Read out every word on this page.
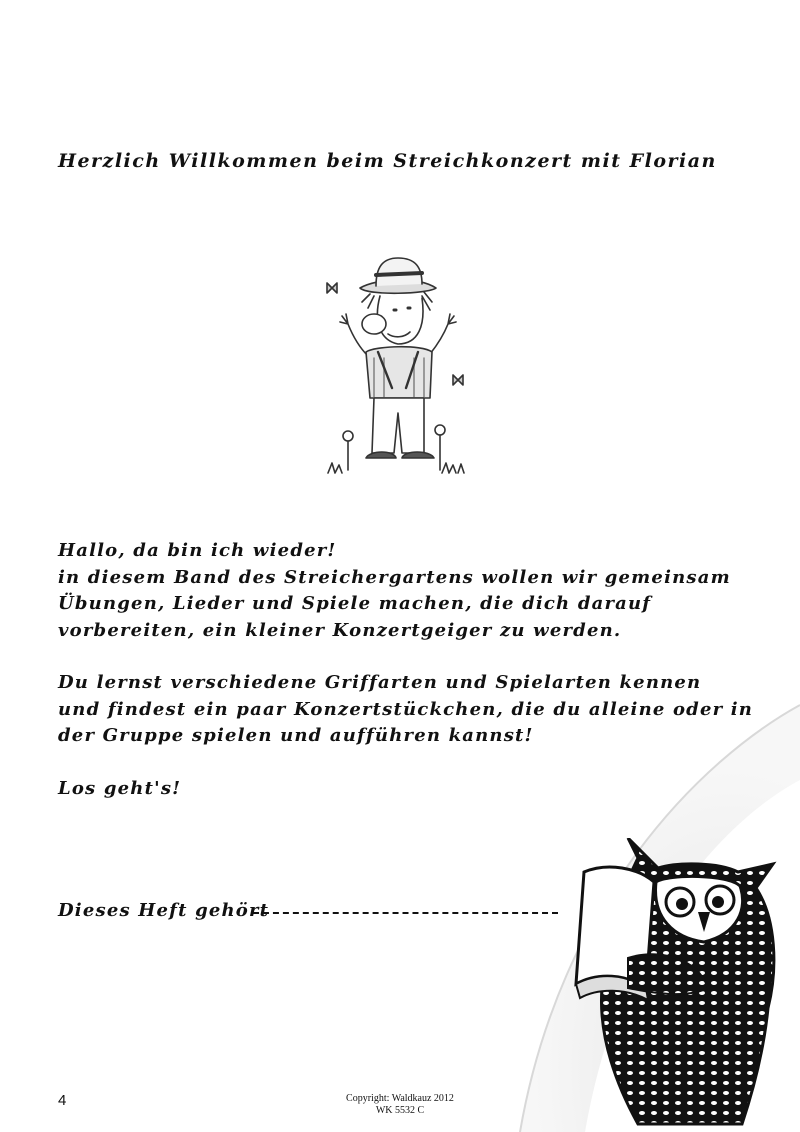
Herzlich Willkommen beim Streichkonzert mit Florian

Hallo, da bin ich wieder!
in diesem Band des Streichergartens wollen wir gemeinsam
Übungen, Lieder und Spiele machen, die dich darauf
vorbereiten, ein kleiner Konzertgeiger zu werden.

Du lernst verschiedene Griffarten und Spielarten kennen
und findest ein paar Konzertstückchen, die du alleine oder in
der Gruppe spielen und aufführen kannst!

Los geht's!

Dieses Heft gehört
4	Copyright: Waldkauz 2012
WK 5532 C
